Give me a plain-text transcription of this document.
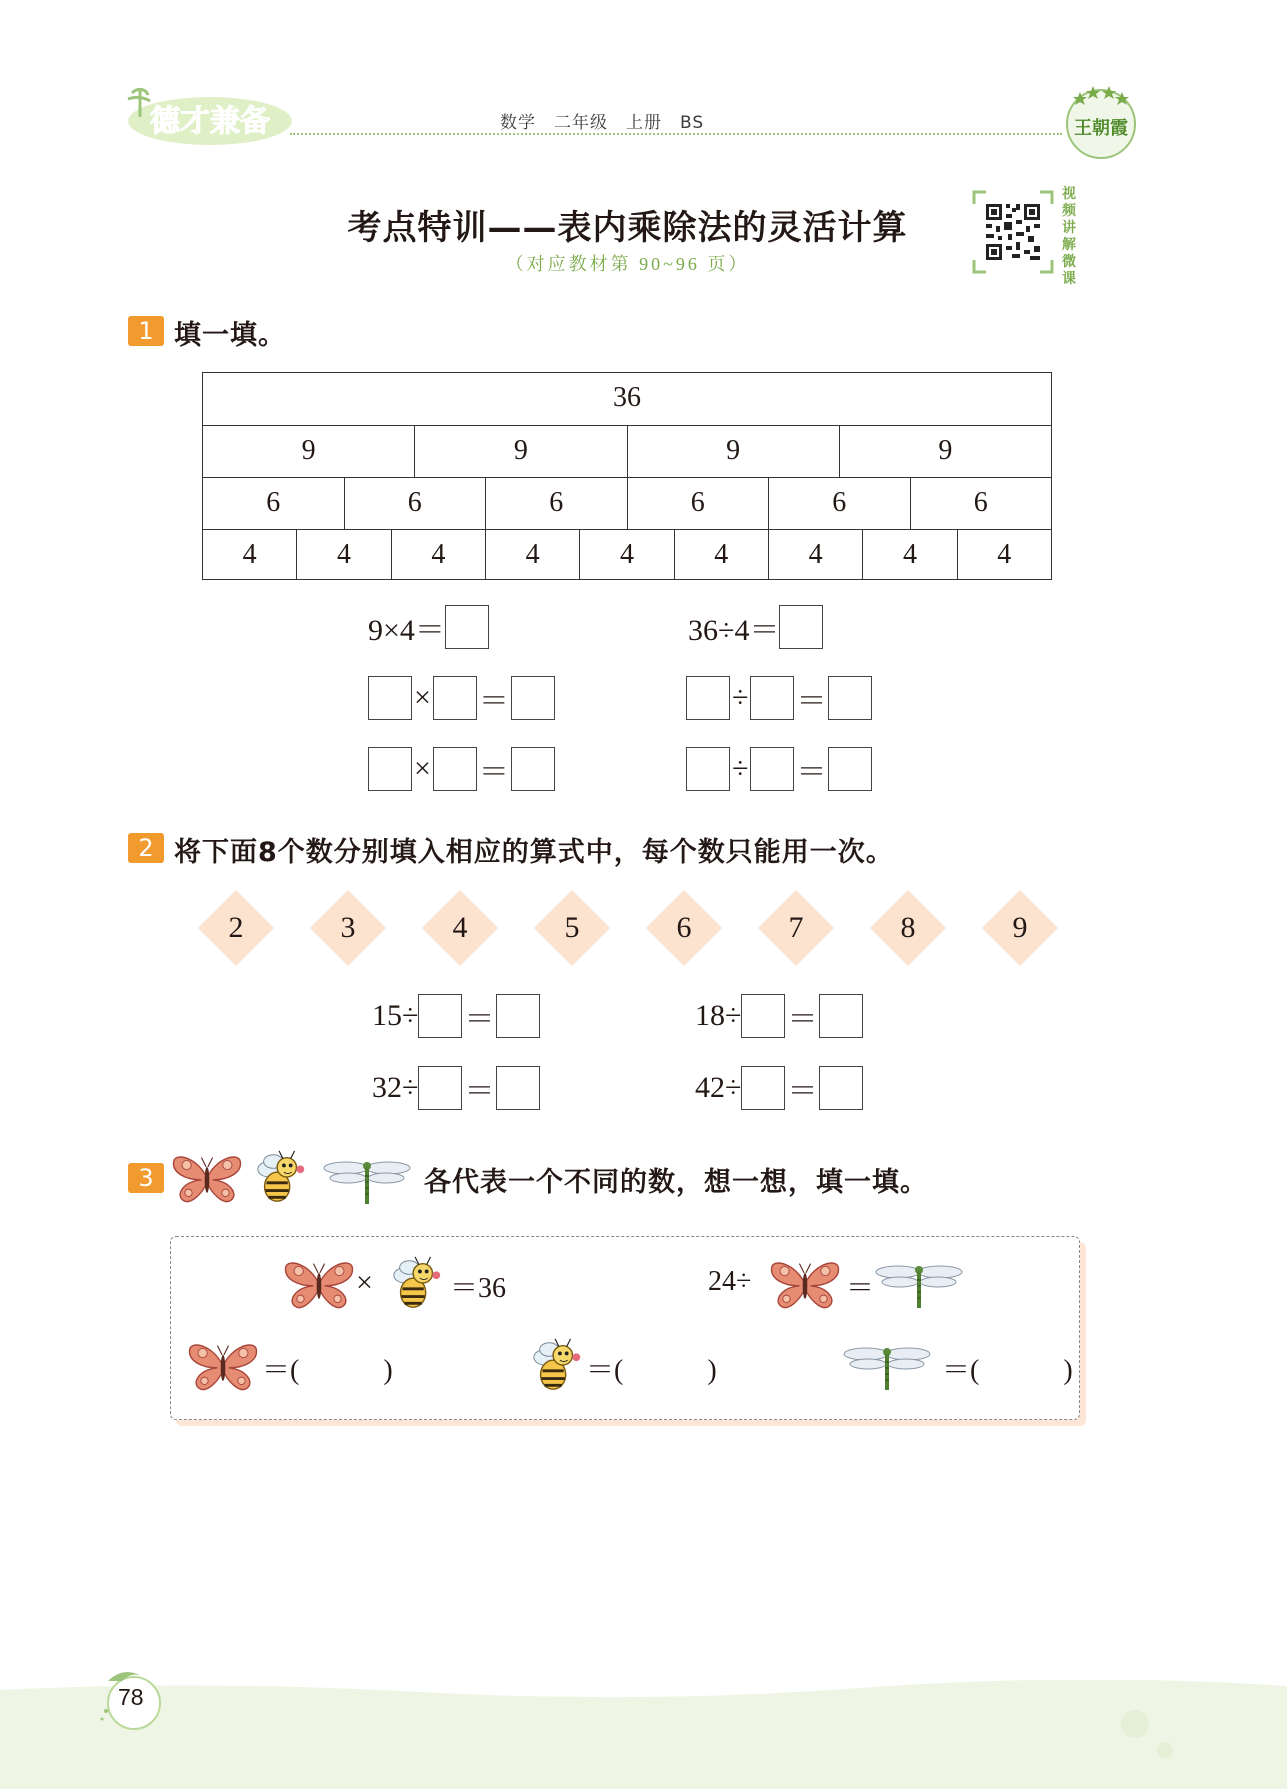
德才兼备	数学　二年级　上册　BS	王朝霞
考点特训——表内乘除法的灵活计算
（对应教材第 90~96 页）
视频讲解微课
1 填一填。
36
9	9	9	9
6	6	6	6	6	6
4	4	4	4	4	4	4	4	4
9×4＝	36÷4＝
× ＝	÷ ＝
× ＝	÷ ＝
2 将下面8个数分别填入相应的算式中，每个数只能用一次。
2	3	4	5	6	7	8	9
15÷ ＝	18÷ ＝
32÷ ＝	42÷ ＝
3	各代表一个不同的数，想一想，填一填。
×	＝36	24÷	＝
＝(　　　)	＝(　　　)	＝(　　　)
78
